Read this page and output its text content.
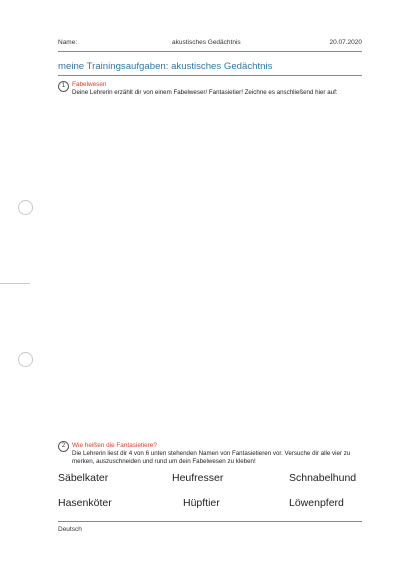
Name:	akustisches Gedächtnis	20.07.2020
meine Trainingsaufgaben: akustisches Gedächtnis
1	Fabelwesen
Deine Lehrerin erzählt dir von einem Fabelweser/ Fantasietier! Zeichne es anschließend hier auf:
2	Wie heißen die Fantasietiere?
Die Lehrerin liest dir 4 von 6 unten stehenden Namen von Fantasietieren vor. Versuche dir alle vier zu merken, auszuschneiden und rund um dein Fabelwesen zu kleben!
Säbelkater	Heufresser	Schnabelhund
Hasenköter	Hüpftier	Löwenpferd
Deutsch
